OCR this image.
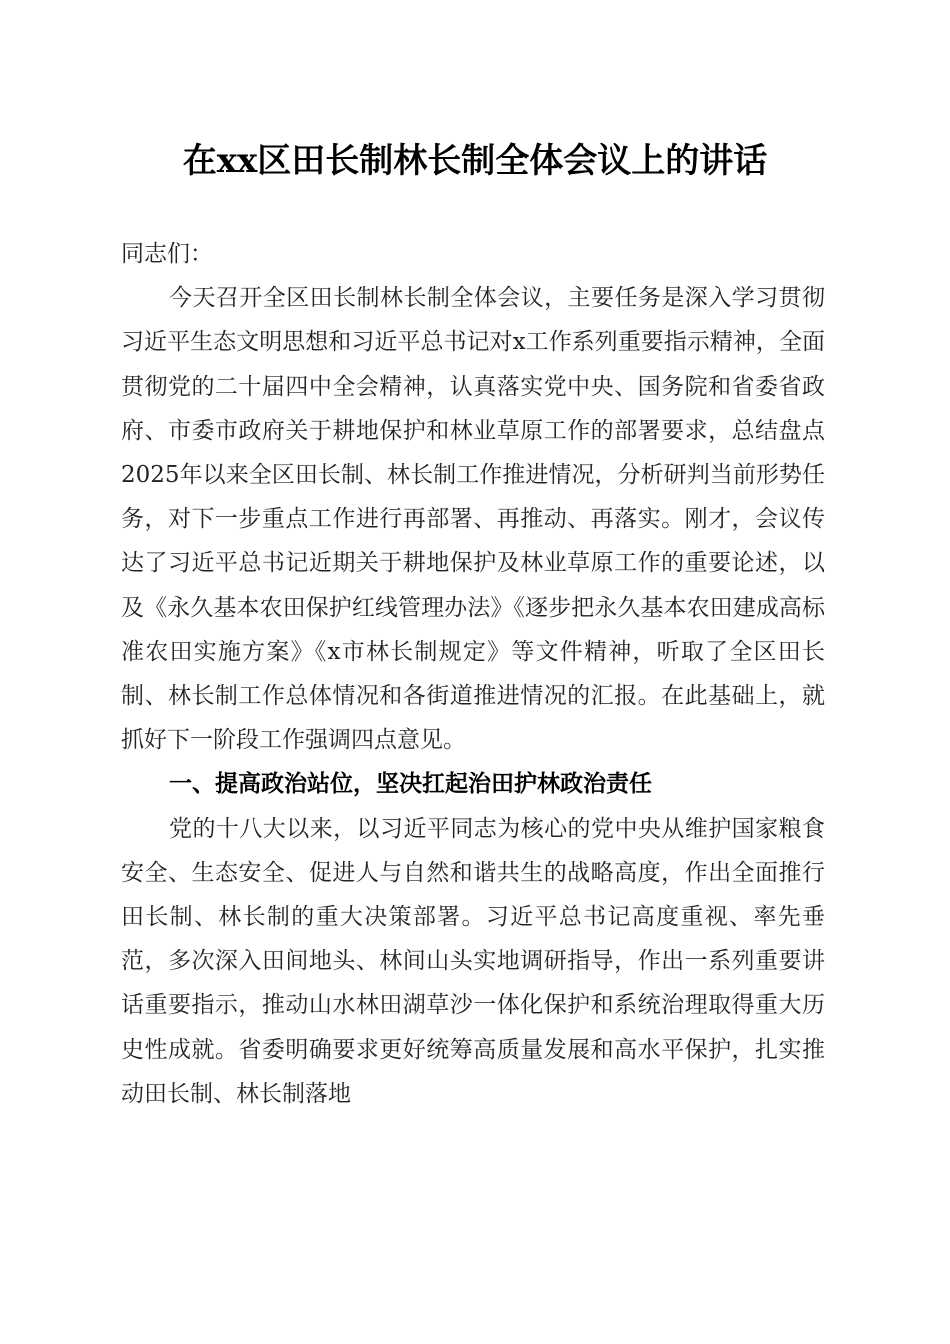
在xx区田长制林长制全体会议上的讲话

同志们：

今天召开全区田长制林长制全体会议，主要任务是深入学习贯彻习近平生态文明思想和习近平总书记对x工作系列重要指示精神，全面贯彻党的二十届四中全会精神，认真落实党中央、国务院和省委省政府、市委市政府关于耕地保护和林业草原工作的部署要求，总结盘点2025年以来全区田长制、林长制工作推进情况，分析研判当前形势任务，对下一步重点工作进行再部署、再推动、再落实。刚才，会议传达了习近平总书记近期关于耕地保护及林业草原工作的重要论述，以及《永久基本农田保护红线管理办法》《逐步把永久基本农田建成高标准农田实施方案》《x市林长制规定》等文件精神，听取了全区田长制、林长制工作总体情况和各街道推进情况的汇报。在此基础上，就抓好下一阶段工作强调四点意见。

一、提高政治站位，坚决扛起治田护林政治责任

党的十八大以来，以习近平同志为核心的党中央从维护国家粮食安全、生态安全、促进人与自然和谐共生的战略高度，作出全面推行田长制、林长制的重大决策部署。习近平总书记高度重视、率先垂范，多次深入田间地头、林间山头实地调研指导，作出一系列重要讲话重要指示，推动山水林田湖草沙一体化保护和系统治理取得重大历史性成就。省委明确要求更好统筹高质量发展和高水平保护，扎实推动田长制、林长制落地
